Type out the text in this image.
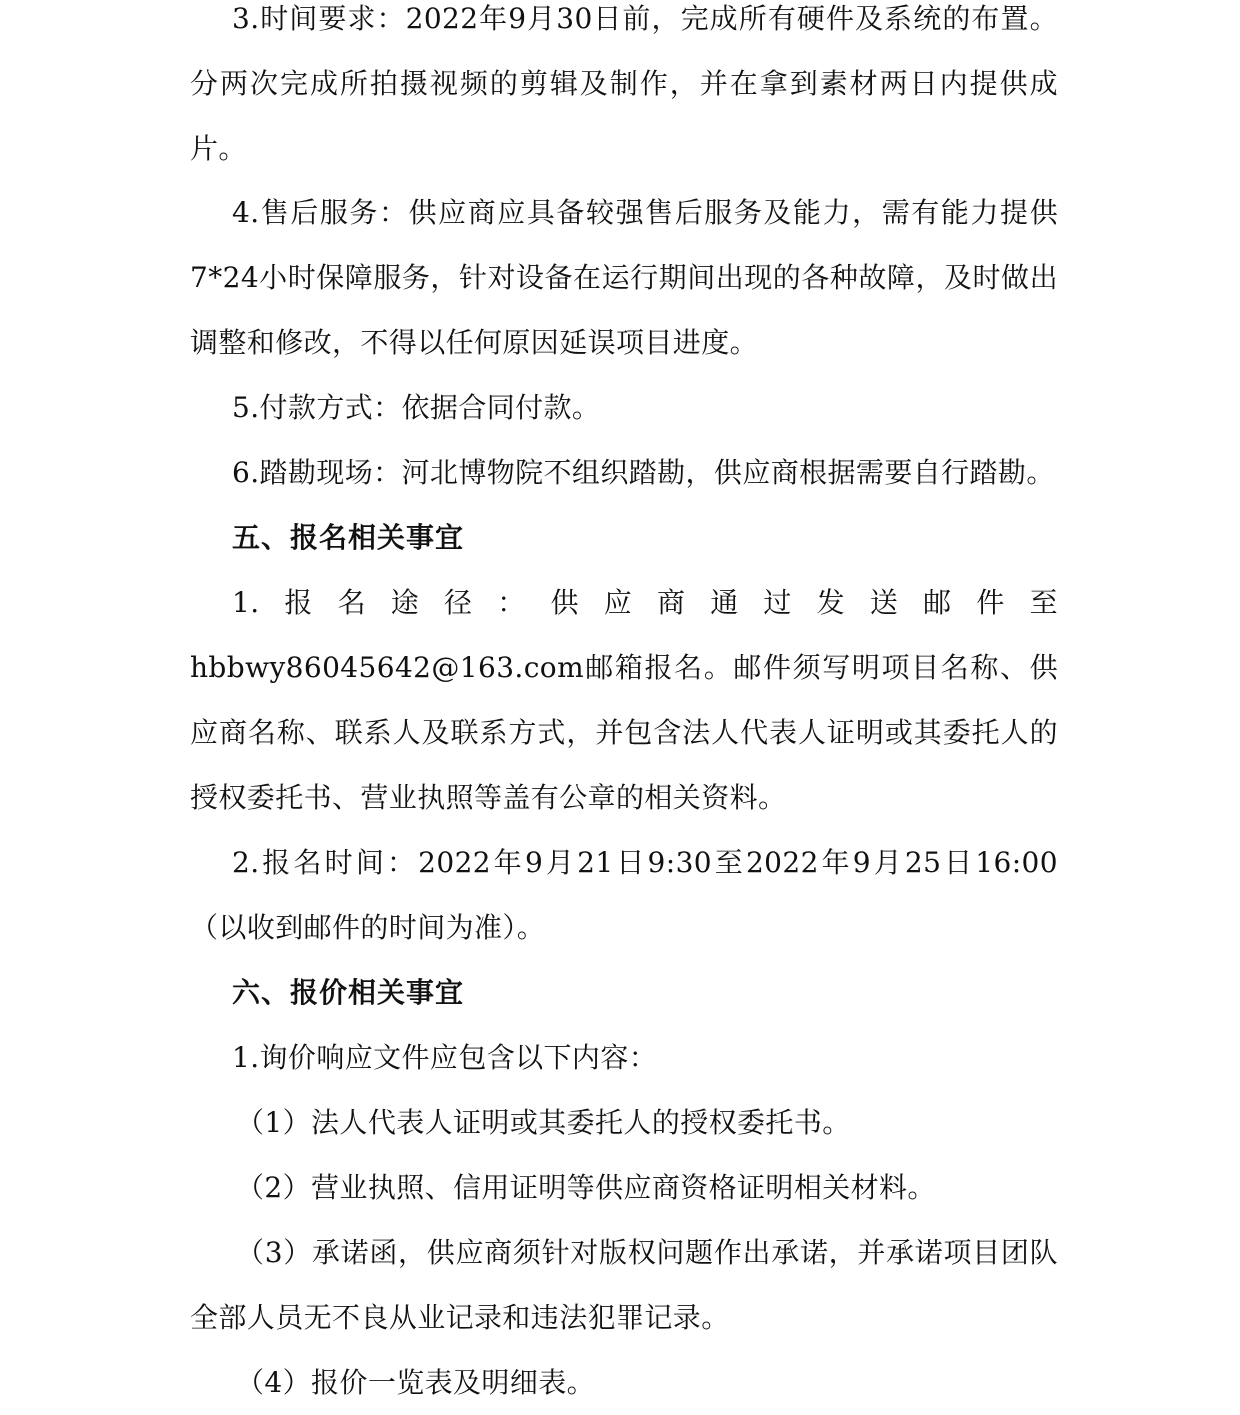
3.时间要求：2022年9月30日前，完成所有硬件及系统的布置。分两次完成所拍摄视频的剪辑及制作，并在拿到素材两日内提供成片。

4.售后服务：供应商应具备较强售后服务及能力，需有能力提供7*24小时保障服务，针对设备在运行期间出现的各种故障，及时做出调整和修改，不得以任何原因延误项目进度。

5.付款方式：依据合同付款。

6.踏勘现场：河北博物院不组织踏勘，供应商根据需要自行踏勘。

五、报名相关事宜

1.报名途径：供应商通过发送邮件至hbbwy86045642@163.com邮箱报名。邮件须写明项目名称、供应商名称、联系人及联系方式，并包含法人代表人证明或其委托人的授权委托书、营业执照等盖有公章的相关资料。

2.报名时间：2022年9月21日9:30至2022年9月25日16:00（以收到邮件的时间为准）。

六、报价相关事宜

1.询价响应文件应包含以下内容：

（1）法人代表人证明或其委托人的授权委托书。

（2）营业执照、信用证明等供应商资格证明相关材料。

（3）承诺函，供应商须针对版权问题作出承诺，并承诺项目团队全部人员无不良从业记录和违法犯罪记录。

（4）报价一览表及明细表。
